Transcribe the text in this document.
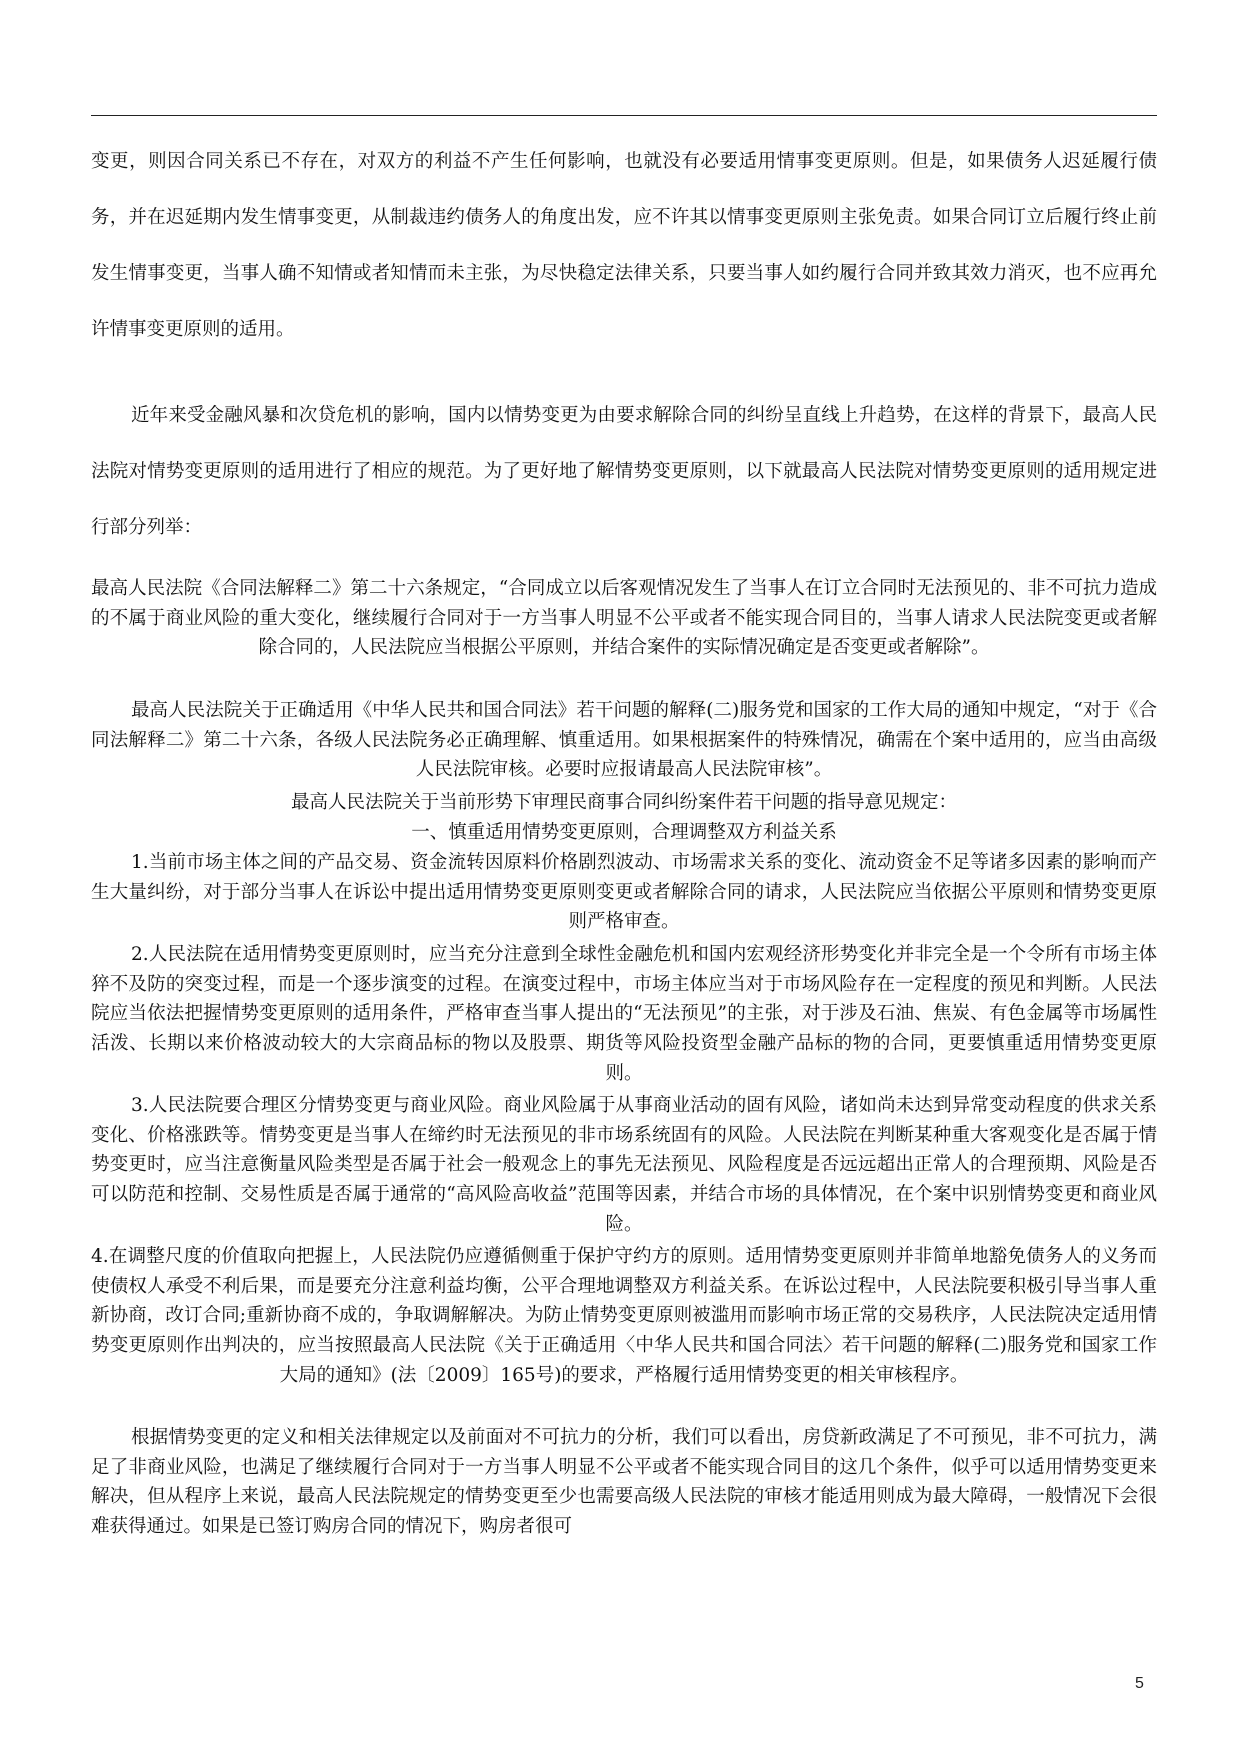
变更，则因合同关系已不存在，对双方的利益不产生任何影响，也就没有必要适用情事变更原则。但是，如果债务人迟延履行债务，并在迟延期内发生情事变更，从制裁违约债务人的角度出发，应不许其以情事变更原则主张免责。如果合同订立后履行终止前发生情事变更，当事人确不知情或者知情而未主张，为尽快稳定法律关系，只要当事人如约履行合同并致其效力消灭，也不应再允许情事变更原则的适用。

近年来受金融风暴和次贷危机的影响，国内以情势变更为由要求解除合同的纠纷呈直线上升趋势，在这样的背景下，最高人民法院对情势变更原则的适用进行了相应的规范。为了更好地了解情势变更原则，以下就最高人民法院对情势变更原则的适用规定进行部分列举：

最高人民法院《合同法解释二》第二十六条规定，“合同成立以后客观情况发生了当事人在订立合同时无法预见的、非不可抗力造成的不属于商业风险的重大变化，继续履行合同对于一方当事人明显不公平或者不能实现合同目的，当事人请求人民法院变更或者解除合同的，人民法院应当根据公平原则，并结合案件的实际情况确定是否变更或者解除”。

最高人民法院关于正确适用《中华人民共和国合同法》若干问题的解释(二)服务党和国家的工作大局的通知中规定，“对于《合同法解释二》第二十六条，各级人民法院务必正确理解、慎重适用。如果根据案件的特殊情况，确需在个案中适用的，应当由高级人民法院审核。必要时应报请最高人民法院审核”。

最高人民法院关于当前形势下审理民商事合同纠纷案件若干问题的指导意见规定：

一、慎重适用情势变更原则，合理调整双方利益关系

1.当前市场主体之间的产品交易、资金流转因原料价格剧烈波动、市场需求关系的变化、流动资金不足等诸多因素的影响而产生大量纠纷，对于部分当事人在诉讼中提出适用情势变更原则变更或者解除合同的请求，人民法院应当依据公平原则和情势变更原则严格审查。

2.人民法院在适用情势变更原则时，应当充分注意到全球性金融危机和国内宏观经济形势变化并非完全是一个令所有市场主体猝不及防的突变过程，而是一个逐步演变的过程。在演变过程中，市场主体应当对于市场风险存在一定程度的预见和判断。人民法院应当依法把握情势变更原则的适用条件，严格审查当事人提出的“无法预见”的主张，对于涉及石油、焦炭、有色金属等市场属性活泼、长期以来价格波动较大的大宗商品标的物以及股票、期货等风险投资型金融产品标的物的合同，更要慎重适用情势变更原则。

3.人民法院要合理区分情势变更与商业风险。商业风险属于从事商业活动的固有风险，诸如尚未达到异常变动程度的供求关系变化、价格涨跌等。情势变更是当事人在缔约时无法预见的非市场系统固有的风险。人民法院在判断某种重大客观变化是否属于情势变更时，应当注意衡量风险类型是否属于社会一般观念上的事先无法预见、风险程度是否远远超出正常人的合理预期、风险是否可以防范和控制、交易性质是否属于通常的“高风险高收益”范围等因素，并结合市场的具体情况，在个案中识别情势变更和商业风险。

4.在调整尺度的价值取向把握上，人民法院仍应遵循侧重于保护守约方的原则。适用情势变更原则并非简单地豁免债务人的义务而使债权人承受不利后果，而是要充分注意利益均衡，公平合理地调整双方利益关系。在诉讼过程中，人民法院要积极引导当事人重新协商，改订合同;重新协商不成的，争取调解解决。为防止情势变更原则被滥用而影响市场正常的交易秩序，人民法院决定适用情势变更原则作出判决的，应当按照最高人民法院《关于正确适用〈中华人民共和国合同法〉若干问题的解释(二)服务党和国家工作大局的通知》(法〔2009〕165号)的要求，严格履行适用情势变更的相关审核程序。

根据情势变更的定义和相关法律规定以及前面对不可抗力的分析，我们可以看出，房贷新政满足了不可预见，非不可抗力，满足了非商业风险，也满足了继续履行合同对于一方当事人明显不公平或者不能实现合同目的这几个条件，似乎可以适用情势变更来解决，但从程序上来说，最高人民法院规定的情势变更至少也需要高级人民法院的审核才能适用则成为最大障碍，一般情况下会很难获得通过。如果是已签订购房合同的情况下，购房者很可

5
